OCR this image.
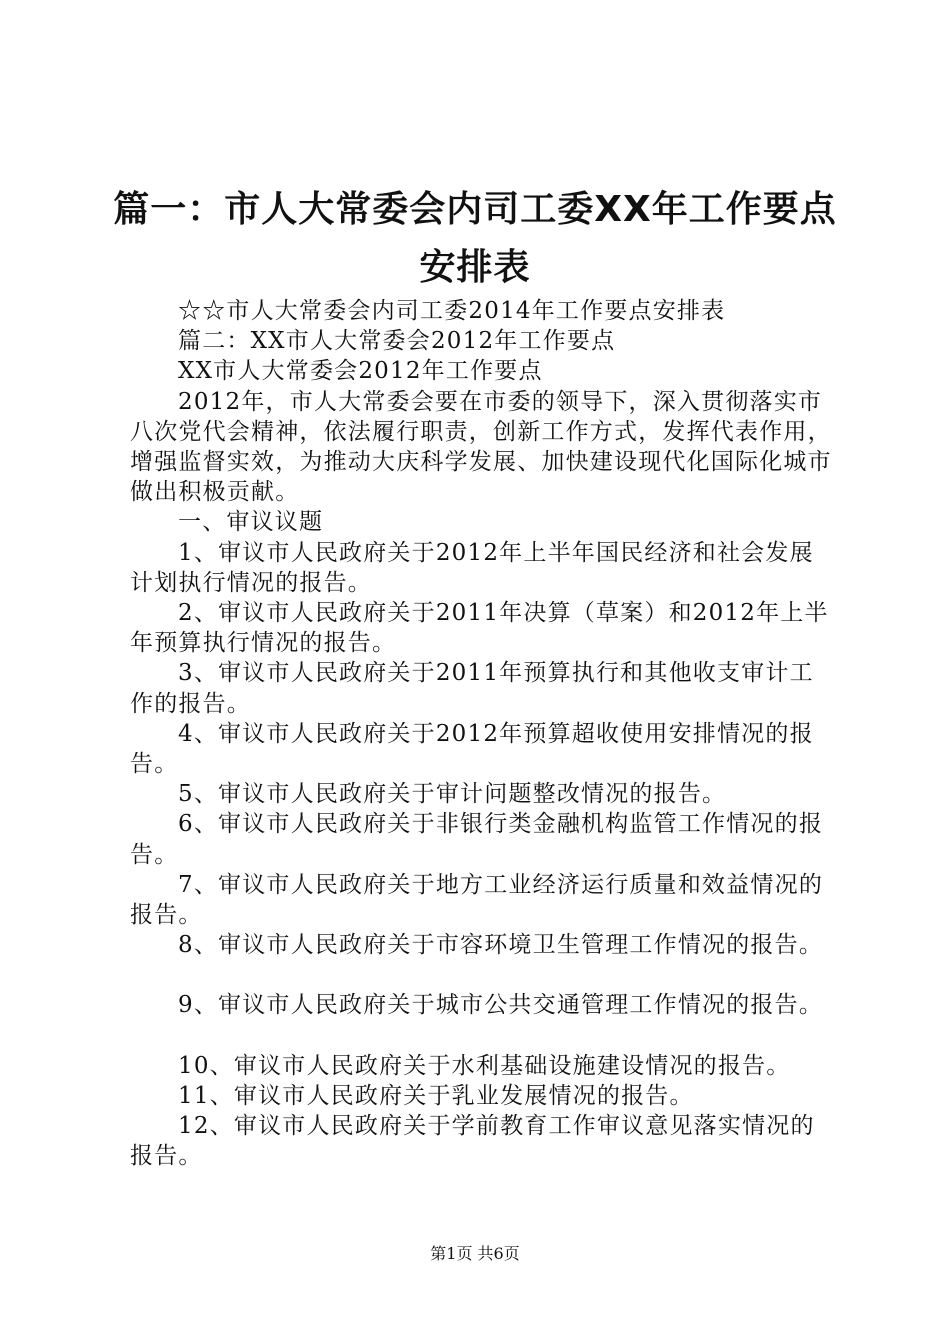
篇一：市人大常委会内司工委XX年工作要点
安排表

☆☆市人大常委会内司工委2014年工作要点安排表

篇二：XX市人大常委会2012年工作要点

XX市人大常委会2012年工作要点

2012年，市人大常委会要在市委的领导下，深入贯彻落实市八次党代会精神，依法履行职责，创新工作方式，发挥代表作用，增强监督实效，为推动大庆科学发展、加快建设现代化国际化城市做出积极贡献。

一、审议议题

1、审议市人民政府关于2012年上半年国民经济和社会发展计划执行情况的报告。

2、审议市人民政府关于2011年决算（草案）和2012年上半年预算执行情况的报告。

3、审议市人民政府关于2011年预算执行和其他收支审计工作的报告。

4、审议市人民政府关于2012年预算超收使用安排情况的报告。

5、审议市人民政府关于审计问题整改情况的报告。

6、审议市人民政府关于非银行类金融机构监管工作情况的报告。

7、审议市人民政府关于地方工业经济运行质量和效益情况的报告。

8、审议市人民政府关于市容环境卫生管理工作情况的报告。

9、审议市人民政府关于城市公共交通管理工作情况的报告。

10、审议市人民政府关于水利基础设施建设情况的报告。

11、审议市人民政府关于乳业发展情况的报告。

12、审议市人民政府关于学前教育工作审议意见落实情况的报告。

第1页 共6页
